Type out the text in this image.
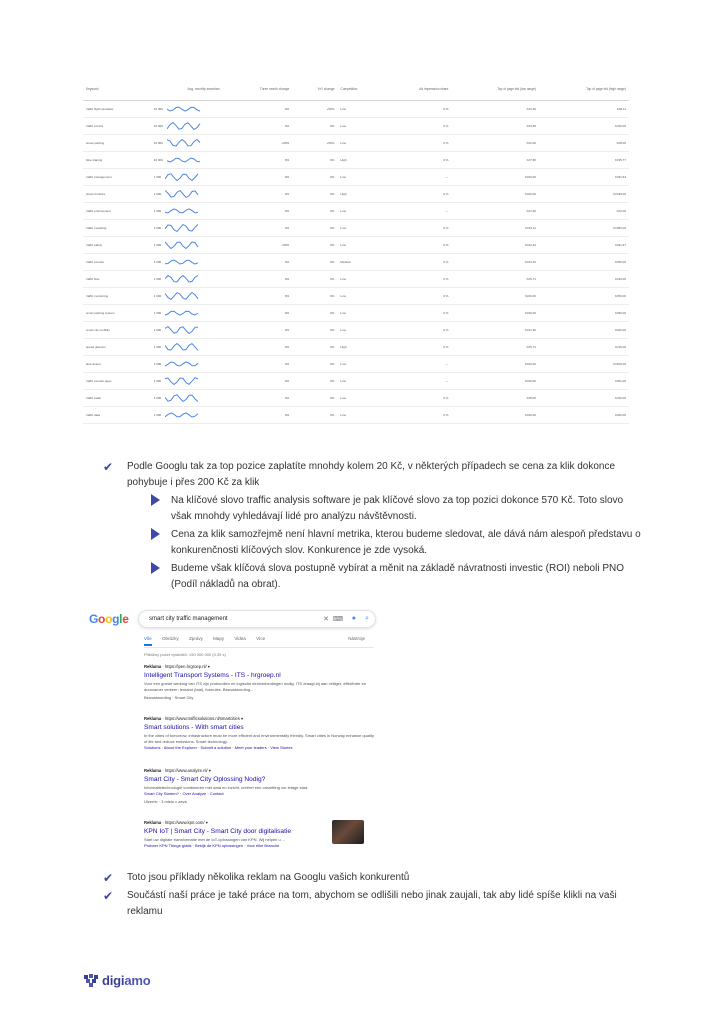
Keyword	Avg. monthly searches	Three month change	YoY change	Competition	Ad impression share	Top of page bid (low range)	Top of page bid (high range)
traffic flight simulator	10 000	0%	+50%	Low	0 %	Kč1,60	Kč8,11
traffic control	10 000	0%	0%	Low	0 %	Kč3,95	Kč20,00
street parking	10 000	+50%	+50%	Low	0 %	Kč2,00	Kč8,00
bike sharing	10 000	0%	0%	High	0 %	Kč7,95	Kč35,77
traffic management	1 000	0%	0%	Low	—	Kč20,00	Kč91,54
street furniture	1 000	0%	0%	High	0 %	Kč20,00	Kč239,00
traffic enforcement	1 000	0%	0%	Low	—	Kč1,60	Kč6,00
traffic modeling	1 000	0%	0%	Low	0 %	Kč33,11	Kč280,00
traffic safety	1 000	+50%	0%	Low	0 %	Kč22,44	Kč91,97
traffic counter	1 000	0%	0%	Medium	0 %	Kč23,33	Kč50,00
traffic flow	1 000	0%	0%	Low	0 %	Kč9,71	Kč30,00
traffic monitoring	1 000	0%	0%	Low	0 %	Kč20,00	Kč50,00
smart parking system	1 000	0%	0%	Low	0 %	Kč30,00	Kč90,00
smart city mobility	1 000	0%	0%	Low	0 %	Kč21,99	Kč60,00
speed detector	1 000	0%	0%	High	0 %	Kč5,71	Kč15,00
lane detect	1 000	0%	0%	Low	—	Kč20,00	Kč100,00
traffic counter apps	1 000	0%	0%	Low	—	Kč20,00	Kč51,00
traffic radar	1 000	0%	0%	Low	0 %	Kč8,00	Kč20,00
traffic data	1 000	0%	0%	Low	0 %	Kč20,00	Kč60,00
✔ Podle Googlu tak za top pozice zaplatíte mnohdy kolem 20 Kč, v některých případech se cena za klik dokonce pohybuje i přes 200 Kč za klik
Na klíčové slovo traffic analysis software je pak klíčové slovo za top pozici dokonce 570 Kč. Toto slovo však mnohdy vyhledávají lidé pro analýzu návštěvnosti.
Cena za klik samozřejmě není hlavní metrika, kterou budeme sledovat, ale dává nám alespoň představu o konkurenčnosti klíčových slov. Konkurence je zde vysoká.
Budeme však klíčová slova postupně vybírat a měnit na základě návratnosti investic (ROI) neboli PNO (Podíl nákladů na obrat).
Google	smart city traffic management	✕ ⌨ ● ⌕
Vše Obrázky Zprávy Mapy Videa Více	Nástroje
Přibližný počet výsledků: 190 000 000 (0,39 s)
Reklama · https://ipen.hrgroep.nl/ ▾
Intelligent Transport Systems - ITS - hrgroep.nl
Voor een goede werking van ITS zijn protocollen en logische eindverbindingen nodig. ITS draagt bij aan veiliger, efficiënter en duurzamer verkeer; iemand (taal), formules. Bewustwording...
Bewustwording · Smart City
Reklama · https://www.trafficsolutions.nl/smartcities ▾
Smart solutions - With smart cities
In the cities of tomorrow, infrastructure must be more efficient and environmentally friendly. Smart cities in Norway enhance quality of life and reduce emissions. Smart technology.
Solutions · About the Explorer · Submit a solution · Meet your leaders · View Stories
Reklama · https://www.analyze.nl/ ▾
Smart City - Smart City Oplossing Nodig?
Informatietechnologie combineren met data en inzicht, creëert een omzetting vor ietage stad.
Smart City Starten? · Over Analyze · Contact
Ulzerric · 3 misto v zavá
Reklama · https://www.kpn.com/ ▾
KPN IoT | Smart City - Smart City door digitalisatie
Start uw digitale transformatie met de IoT-oplossingen van KPN. Wij helpen u ...
Probeer KPN Things gratis · Bekijk de KPN oplossingen · Voor elke Branche
✔ Toto jsou příklady několika reklam na Googlu vašich konkurentů
✔ Součástí naší práce je také práce na tom, abychom se odlišili nebo jinak zaujali, tak aby lidé spíše klikli na vaši reklamu
digiamo
